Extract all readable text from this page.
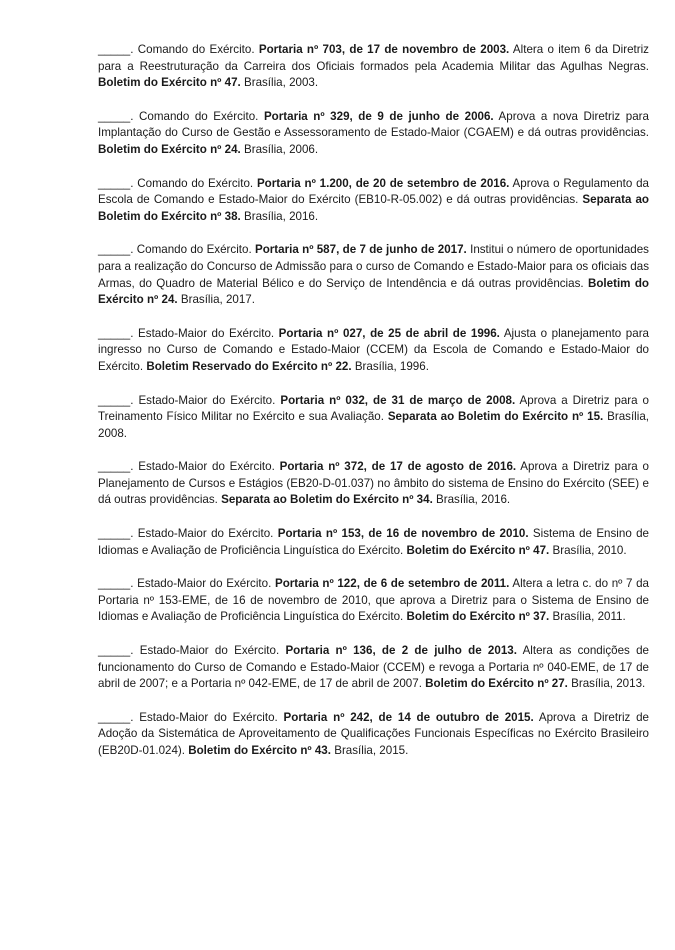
_____. Comando do Exército. Portaria nº 703, de 17 de novembro de 2003. Altera o item 6 da Diretriz para a Reestruturação da Carreira dos Oficiais formados pela Academia Militar das Agulhas Negras. Boletim do Exército nº 47. Brasília, 2003.

_____. Comando do Exército. Portaria nº 329, de 9 de junho de 2006. Aprova a nova Diretriz para Implantação do Curso de Gestão e Assessoramento de Estado-Maior (CGAEM) e dá outras providências. Boletim do Exército nº 24. Brasília, 2006.

_____. Comando do Exército. Portaria nº 1.200, de 20 de setembro de 2016. Aprova o Regulamento da Escola de Comando e Estado-Maior do Exército (EB10-R-05.002) e dá outras providências. Separata ao Boletim do Exército nº 38. Brasília, 2016.

_____. Comando do Exército. Portaria nº 587, de 7 de junho de 2017. Institui o número de oportunidades para a realização do Concurso de Admissão para o curso de Comando e Estado-Maior para os oficiais das Armas, do Quadro de Material Bélico e do Serviço de Intendência e dá outras providências. Boletim do Exército nº 24. Brasília, 2017.

_____. Estado-Maior do Exército. Portaria nº 027, de 25 de abril de 1996. Ajusta o planejamento para ingresso no Curso de Comando e Estado-Maior (CCEM) da Escola de Comando e Estado-Maior do Exército. Boletim Reservado do Exército nº 22. Brasília, 1996.

_____. Estado-Maior do Exército. Portaria nº 032, de 31 de março de 2008. Aprova a Diretriz para o Treinamento Físico Militar no Exército e sua Avaliação. Separata ao Boletim do Exército nº 15. Brasília, 2008.

_____. Estado-Maior do Exército. Portaria nº 372, de 17 de agosto de 2016. Aprova a Diretriz para o Planejamento de Cursos e Estágios (EB20-D-01.037) no âmbito do sistema de Ensino do Exército (SEE) e dá outras providências. Separata ao Boletim do Exército nº 34. Brasília, 2016.

_____. Estado-Maior do Exército. Portaria nº 153, de 16 de novembro de 2010. Sistema de Ensino de Idiomas e Avaliação de Proficiência Linguística do Exército. Boletim do Exército nº 47. Brasília, 2010.

_____. Estado-Maior do Exército. Portaria nº 122, de 6 de setembro de 2011. Altera a letra c. do nº 7 da Portaria nº 153-EME, de 16 de novembro de 2010, que aprova a Diretriz para o Sistema de Ensino de Idiomas e Avaliação de Proficiência Linguística do Exército. Boletim do Exército nº 37. Brasília, 2011.

_____. Estado-Maior do Exército. Portaria nº 136, de 2 de julho de 2013. Altera as condições de funcionamento do Curso de Comando e Estado-Maior (CCEM) e revoga a Portaria nº 040-EME, de 17 de abril de 2007; e a Portaria nº 042-EME, de 17 de abril de 2007. Boletim do Exército nº 27. Brasília, 2013.

_____. Estado-Maior do Exército. Portaria nº 242, de 14 de outubro de 2015. Aprova a Diretriz de Adoção da Sistemática de Aproveitamento de Qualificações Funcionais Específicas no Exército Brasileiro (EB20D-01.024). Boletim do Exército nº 43. Brasília, 2015.
